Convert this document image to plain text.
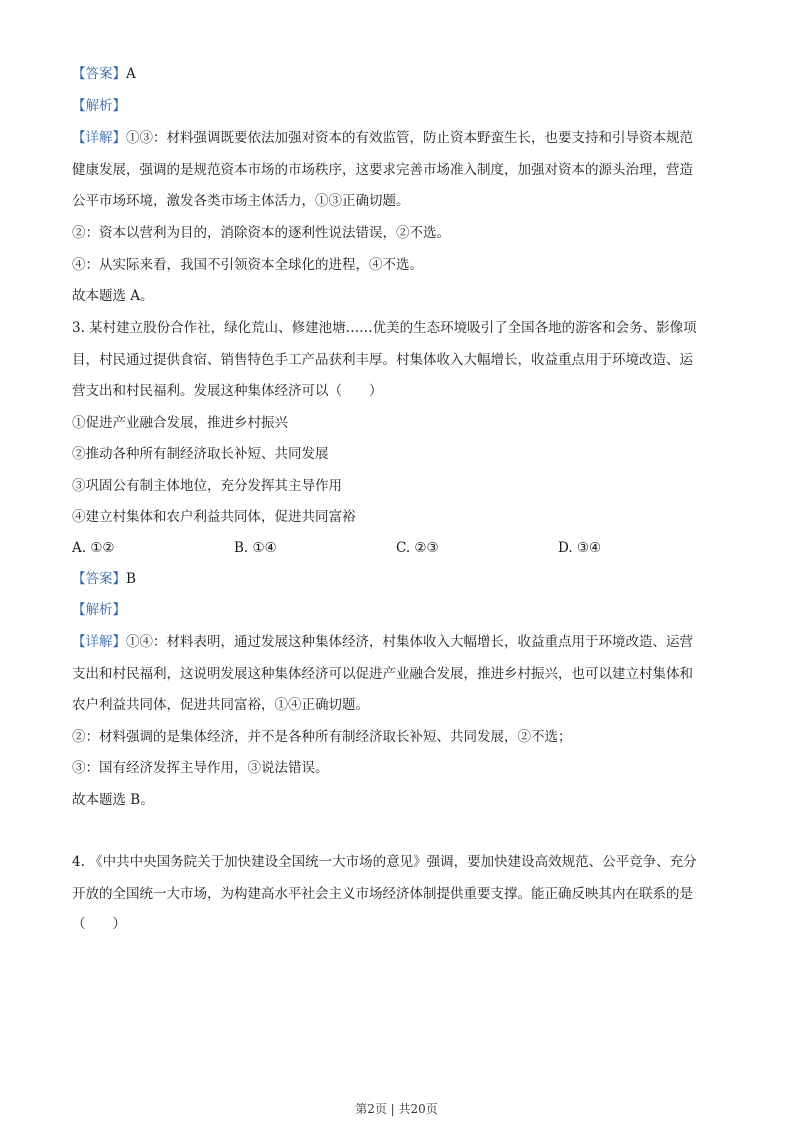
【答案】A
【解析】
【详解】①③：材料强调既要依法加强对资本的有效监管，防止资本野蛮生长，也要支持和引导资本规范
健康发展，强调的是规范资本市场的市场秩序，这要求完善市场准入制度，加强对资本的源头治理，营造
公平市场环境，激发各类市场主体活力，①③正确切题。
②：资本以营利为目的，消除资本的逐利性说法错误，②不选。
④：从实际来看，我国不引领资本全球化的进程，④不选。
故本题选 A。
3. 某村建立股份合作社，绿化荒山、修建池塘……优美的生态环境吸引了全国各地的游客和会务、影像项
目，村民通过提供食宿、销售特色手工产品获利丰厚。村集体收入大幅增长，收益重点用于环境改造、运
营支出和村民福利。发展这种集体经济可以（　　）
①促进产业融合发展，推进乡村振兴
②推动各种所有制经济取长补短、共同发展
③巩固公有制主体地位，充分发挥其主导作用
④建立村集体和农户利益共同体，促进共同富裕
A. ①②	B. ①④	C. ②③	D. ③④
【答案】B
【解析】
【详解】①④：材料表明，通过发展这种集体经济，村集体收入大幅增长，收益重点用于环境改造、运营
支出和村民福利，这说明发展这种集体经济可以促进产业融合发展，推进乡村振兴，也可以建立村集体和
农户利益共同体，促进共同富裕，①④正确切题。
②：材料强调的是集体经济，并不是各种所有制经济取长补短、共同发展，②不选；
③：国有经济发挥主导作用，③说法错误。
故本题选 B。
4. 《中共中央国务院关于加快建设全国统一大市场的意见》强调，要加快建设高效规范、公平竞争、充分
开放的全国统一大市场，为构建高水平社会主义市场经济体制提供重要支撑。能正确反映其内在联系的是
（　　）
第2页 | 共20页
